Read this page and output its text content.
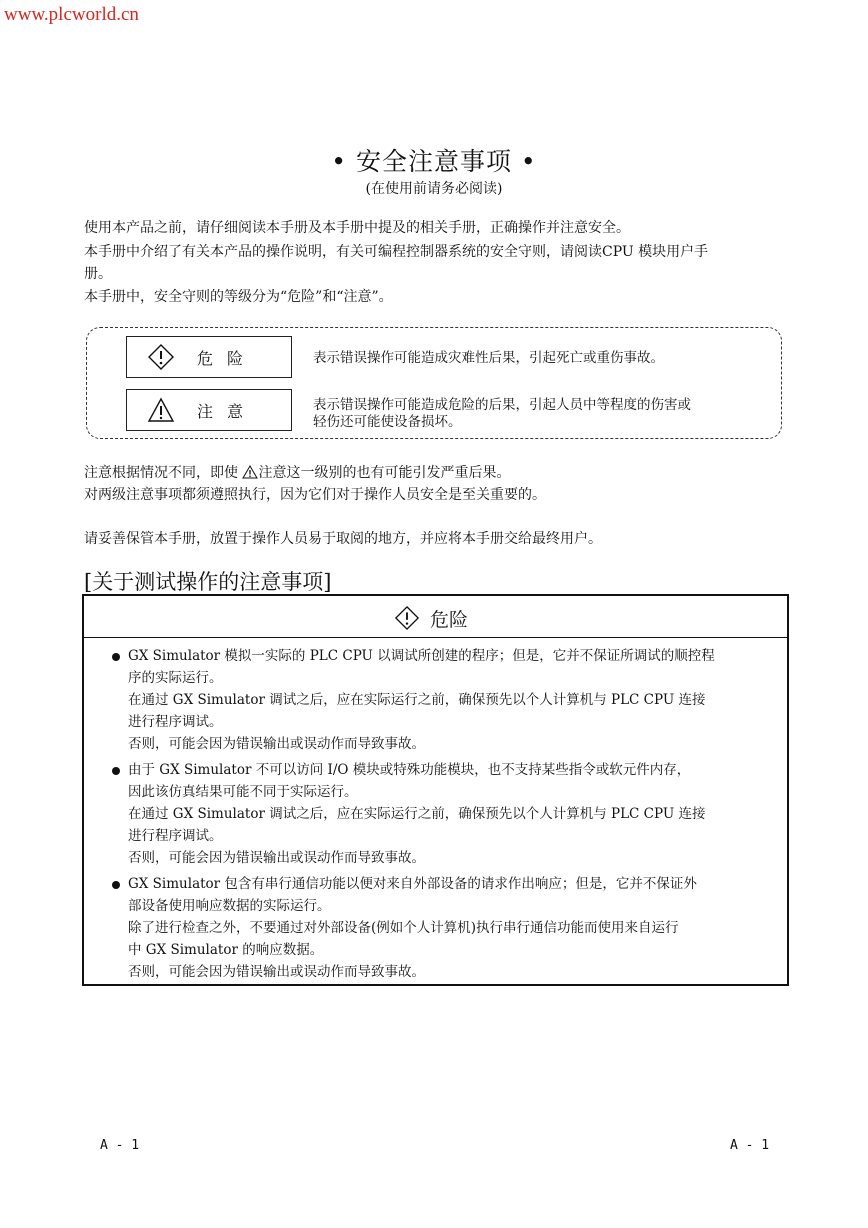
www.plcworld.cn
• 安全注意事项 •
(在使用前请务必阅读)
使用本产品之前，请仔细阅读本手册及本手册中提及的相关手册，正确操作并注意安全。
本手册中介绍了有关本产品的操作说明，有关可编程控制器系统的安全守则，请阅读CPU 模块用户手
册。
本手册中，安全守则的等级分为“危险”和“注意”。
危险	表示错误操作可能造成灾难性后果，引起死亡或重伤事故。
注意	表示错误操作可能造成危险的后果，引起人员中等程度的伤害或
轻伤还可能使设备损坏。
注意根据情况不同，即使 注意这一级别的也有可能引发严重后果。
对两级注意事项都须遵照执行，因为它们对于操作人员安全是至关重要的。
请妥善保管本手册，放置于操作人员易于取阅的地方，并应将本手册交给最终用户。
[关于测试操作的注意事项]
危险
GX Simulator 模拟一实际的 PLC CPU 以调试所创建的程序；但是，它并不保证所调试的顺控程
序的实际运行。
在通过 GX Simulator 调试之后，应在实际运行之前，确保预先以个人计算机与 PLC CPU 连接
进行程序调试。
否则，可能会因为错误输出或误动作而导致事故。
由于 GX Simulator 不可以访问 I/O 模块或特殊功能模块，也不支持某些指令或软元件内存，
因此该仿真结果可能不同于实际运行。
在通过 GX Simulator 调试之后，应在实际运行之前，确保预先以个人计算机与 PLC CPU 连接
进行程序调试。
否则，可能会因为错误输出或误动作而导致事故。
GX Simulator 包含有串行通信功能以便对来自外部设备的请求作出响应；但是，它并不保证外
部设备使用响应数据的实际运行。
除了进行检查之外，不要通过对外部设备(例如个人计算机)执行串行通信功能而使用来自运行
中 GX Simulator 的响应数据。
否则，可能会因为错误输出或误动作而导致事故。
A - 1	A - 1
